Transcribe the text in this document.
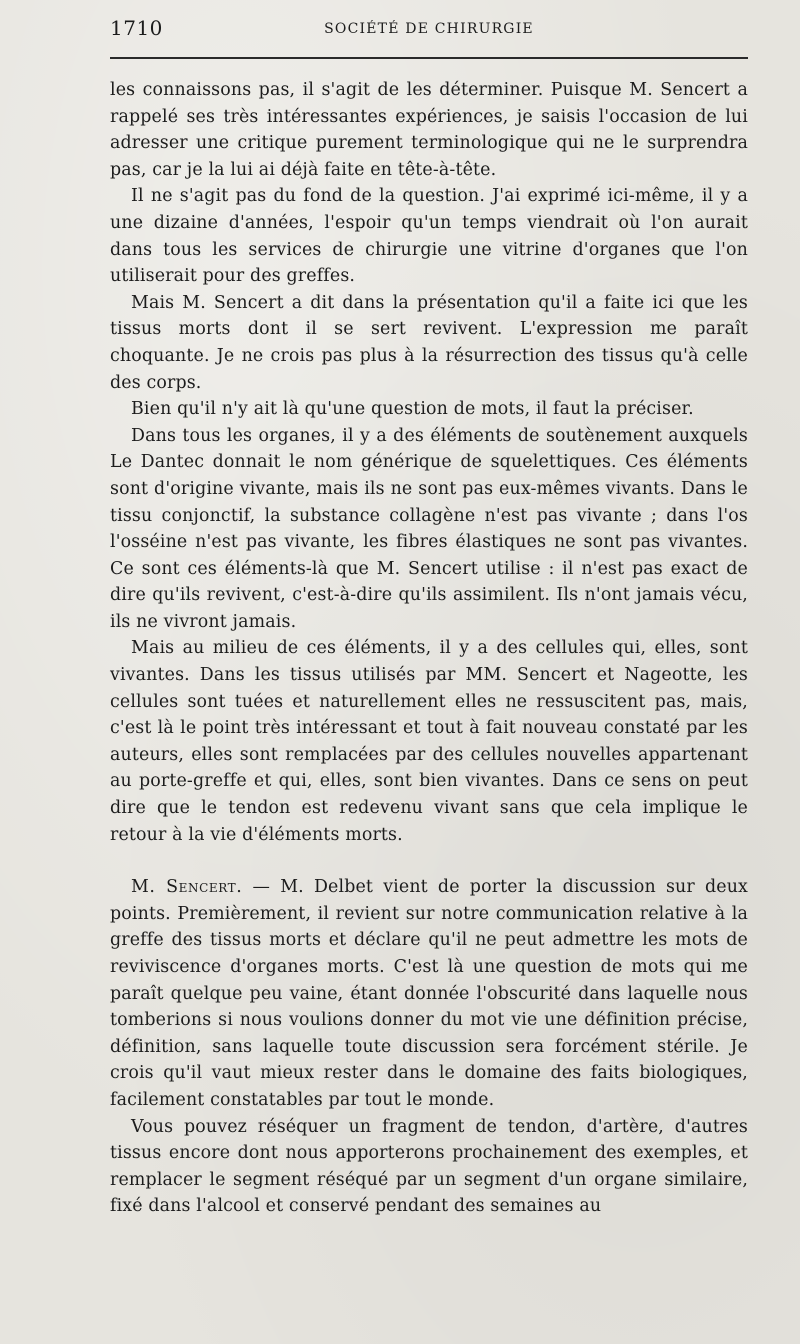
1710	SOCIÉTÉ DE CHIRURGIE

les connaissons pas, il s'agit de les déterminer. Puisque M. Sencert a rappelé ses très intéressantes expériences, je saisis l'occasion de lui adresser une critique purement terminologique qui ne le surprendra pas, car je la lui ai déjà faite en tête-à-tête.

Il ne s'agit pas du fond de la question. J'ai exprimé ici-même, il y a une dizaine d'années, l'espoir qu'un temps viendrait où l'on aurait dans tous les services de chirurgie une vitrine d'organes que l'on utiliserait pour des greffes.

Mais M. Sencert a dit dans la présentation qu'il a faite ici que les tissus morts dont il se sert revivent. L'expression me paraît choquante. Je ne crois pas plus à la résurrection des tissus qu'à celle des corps.

Bien qu'il n'y ait là qu'une question de mots, il faut la préciser.

Dans tous les organes, il y a des éléments de soutènement auxquels Le Dantec donnait le nom générique de squelettiques. Ces éléments sont d'origine vivante, mais ils ne sont pas eux-mêmes vivants. Dans le tissu conjonctif, la substance collagène n'est pas vivante ; dans l'os l'osséine n'est pas vivante, les fibres élastiques ne sont pas vivantes. Ce sont ces éléments-là que M. Sencert utilise : il n'est pas exact de dire qu'ils revivent, c'est-à-dire qu'ils assimilent. Ils n'ont jamais vécu, ils ne vivront jamais.

Mais au milieu de ces éléments, il y a des cellules qui, elles, sont vivantes. Dans les tissus utilisés par MM. Sencert et Nageotte, les cellules sont tuées et naturellement elles ne ressuscitent pas, mais, c'est là le point très intéressant et tout à fait nouveau constaté par les auteurs, elles sont remplacées par des cellules nouvelles appartenant au porte-greffe et qui, elles, sont bien vivantes. Dans ce sens on peut dire que le tendon est redevenu vivant sans que cela implique le retour à la vie d'éléments morts.

M. Sencert. — M. Delbet vient de porter la discussion sur deux points. Premièrement, il revient sur notre communication relative à la greffe des tissus morts et déclare qu'il ne peut admettre les mots de reviviscence d'organes morts. C'est là une question de mots qui me paraît quelque peu vaine, étant donnée l'obscurité dans laquelle nous tomberions si nous voulions donner du mot vie une définition précise, définition, sans laquelle toute discussion sera forcément stérile. Je crois qu'il vaut mieux rester dans le domaine des faits biologiques, facilement constatables par tout le monde.

Vous pouvez réséquer un fragment de tendon, d'artère, d'autres tissus encore dont nous apporterons prochainement des exemples, et remplacer le segment réséqué par un segment d'un organe similaire, fixé dans l'alcool et conservé pendant des semaines au
